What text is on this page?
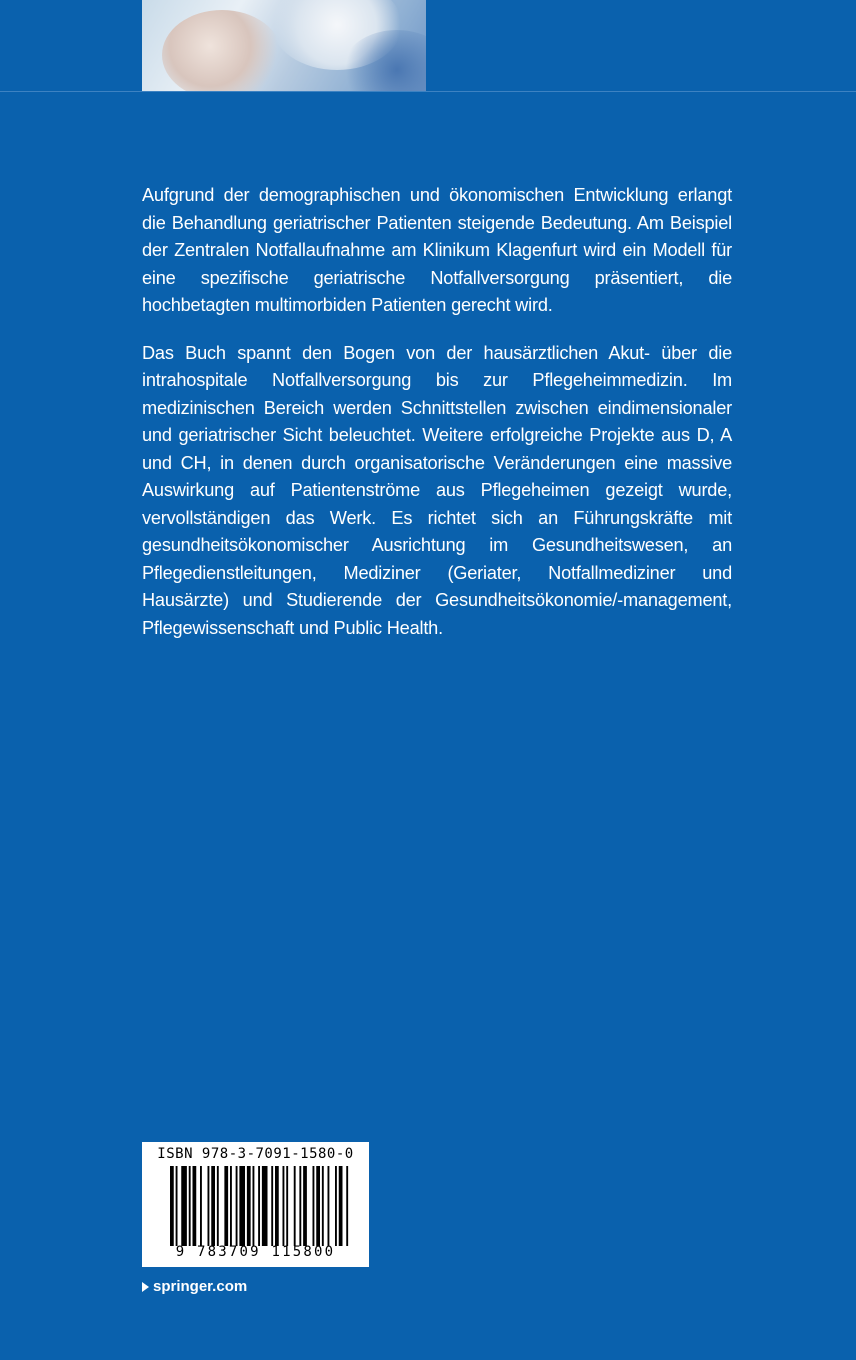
Aufgrund der demographischen und ökonomischen Entwicklung erlangt die Behandlung geriatrischer Patienten steigende Bedeutung. Am Beispiel der Zentralen Notfallaufnahme am Klinikum Klagenfurt wird ein Modell für eine spezifische geriatrische Notfallversorgung präsentiert, die hochbetagten multimorbiden Patienten gerecht wird.

Das Buch spannt den Bogen von der hausärztlichen Akut- über die intrahospitale Notfallversorgung bis zur Pflegeheimmedizin. Im medizinischen Bereich werden Schnittstellen zwischen eindimensionaler und geriatrischer Sicht beleuchtet. Weitere erfolgreiche Projekte aus D, A und CH, in denen durch organisatorische Veränderungen eine massive Auswirkung auf Patientenströme aus Pflegeheimen gezeigt wurde, vervollständigen das Werk. Es richtet sich an Führungskräfte mit gesundheitsökonomischer Ausrichtung im Gesundheitswesen, an Pflegedienstleitungen, Mediziner (Geriater, Notfallmediziner und Hausärzte) und Studierende der Gesundheitsökonomie/-management, Pflegewissenschaft und Public Health.

ISBN 978-3-7091-1580-0
9 783709 115800
springer.com
